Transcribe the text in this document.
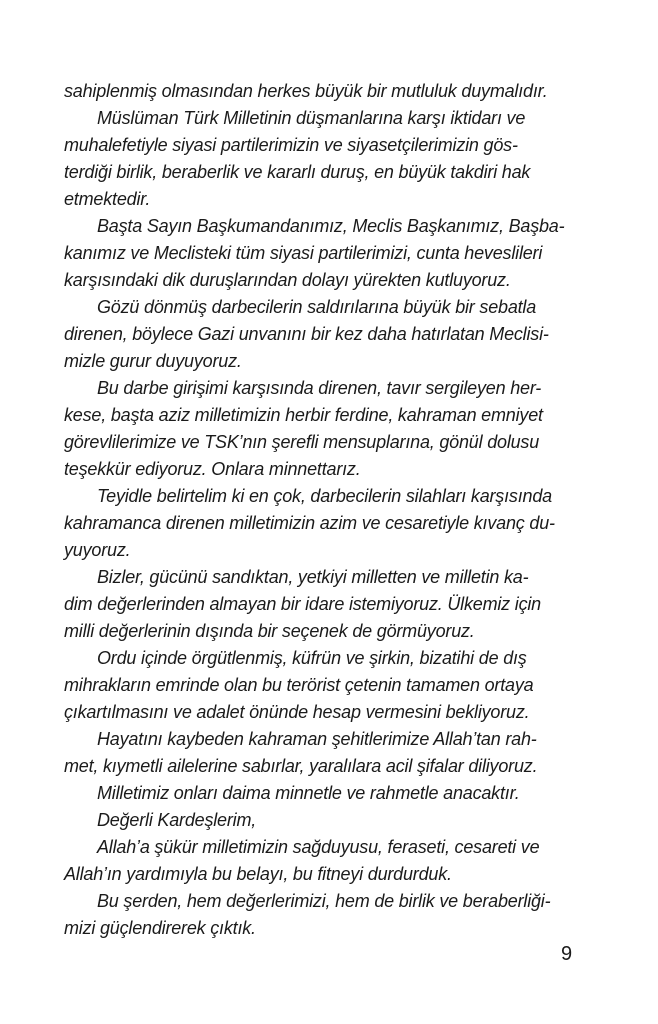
sahiplenmiş olmasından herkes büyük bir mutluluk duymalıdır.
Müslüman Türk Milletinin düşmanlarına karşı iktidarı ve
muhalefetiyle siyasi partilerimizin ve siyasetçilerimizin gös-
terdiği birlik, beraberlik ve kararlı duruş, en büyük takdiri hak
etmektedir.
Başta Sayın Başkumandanımız, Meclis Başkanımız, Başba-
kanımız ve Meclisteki tüm siyasi partilerimizi, cunta heveslileri
karşısındaki dik duruşlarından dolayı yürekten kutluyoruz.
Gözü dönmüş darbecilerin saldırılarına büyük bir sebatla
direnen, böylece Gazi unvanını bir kez daha hatırlatan Meclisi-
mizle gurur duyuyoruz.
Bu darbe girişimi karşısında direnen, tavır sergileyen her-
kese, başta aziz milletimizin herbir ferdine, kahraman emniyet
görevlilerimize ve TSK’nın şerefli mensuplarına, gönül dolusu
teşekkür ediyoruz. Onlara minnettarız.
Teyidle belirtelim ki en çok, darbecilerin silahları karşısında
kahramanca direnen milletimizin azim ve cesaretiyle kıvanç du-
yuyoruz.
Bizler, gücünü sandıktan, yetkiyi milletten ve milletin ka-
dim değerlerinden almayan bir idare istemiyoruz. Ülkemiz için
milli değerlerinin dışında bir seçenek de görmüyoruz.
Ordu içinde örgütlenmiş, küfrün ve şirkin, bizatihi de dış
mihrakların emrinde olan bu terörist çetenin tamamen ortaya
çıkartılmasını ve adalet önünde hesap vermesini bekliyoruz.
Hayatını kaybeden kahraman şehitlerimize Allah’tan rah-
met, kıymetli ailelerine sabırlar, yaralılara acil şifalar diliyoruz.
Milletimiz onları daima minnetle ve rahmetle anacaktır.
Değerli Kardeşlerim,
Allah’a şükür milletimizin sağduyusu, feraseti, cesareti ve
Allah’ın yardımıyla bu belayı, bu fitneyi durdurduk.
Bu şerden, hem değerlerimizi, hem de birlik ve beraberliği-
mizi güçlendirerek çıktık.
9
